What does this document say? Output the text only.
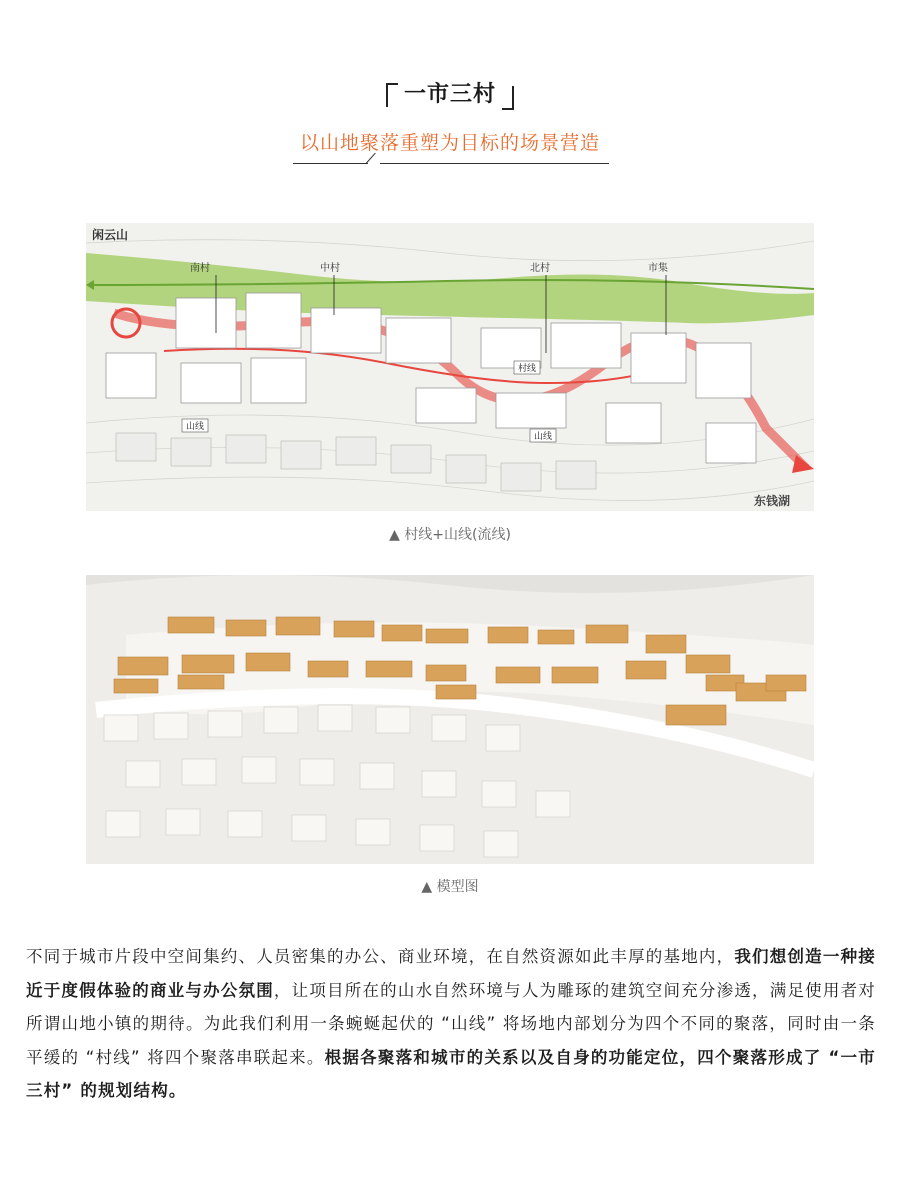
一市三村
以山地聚落重塑为目标的场景营造
闲云山
南村	中村	北村	市集
村线
山线
山线
东钱湖
▲ 村线+山线(流线)
▲ 模型图
不同于城市片段中空间集约、人员密集的办公、商业环境，在自然资源如此丰厚的基地内，我们想创造一种接近于度假体验的商业与办公氛围，让项目所在的山水自然环境与人为雕琢的建筑空间充分渗透，满足使用者对所谓山地小镇的期待。为此我们利用一条蜿蜒起伏的 “山线” 将场地内部划分为四个不同的聚落，同时由一条平缓的 “村线” 将四个聚落串联起来。根据各聚落和城市的关系以及自身的功能定位，四个聚落形成了 “一市三村” 的规划结构。
